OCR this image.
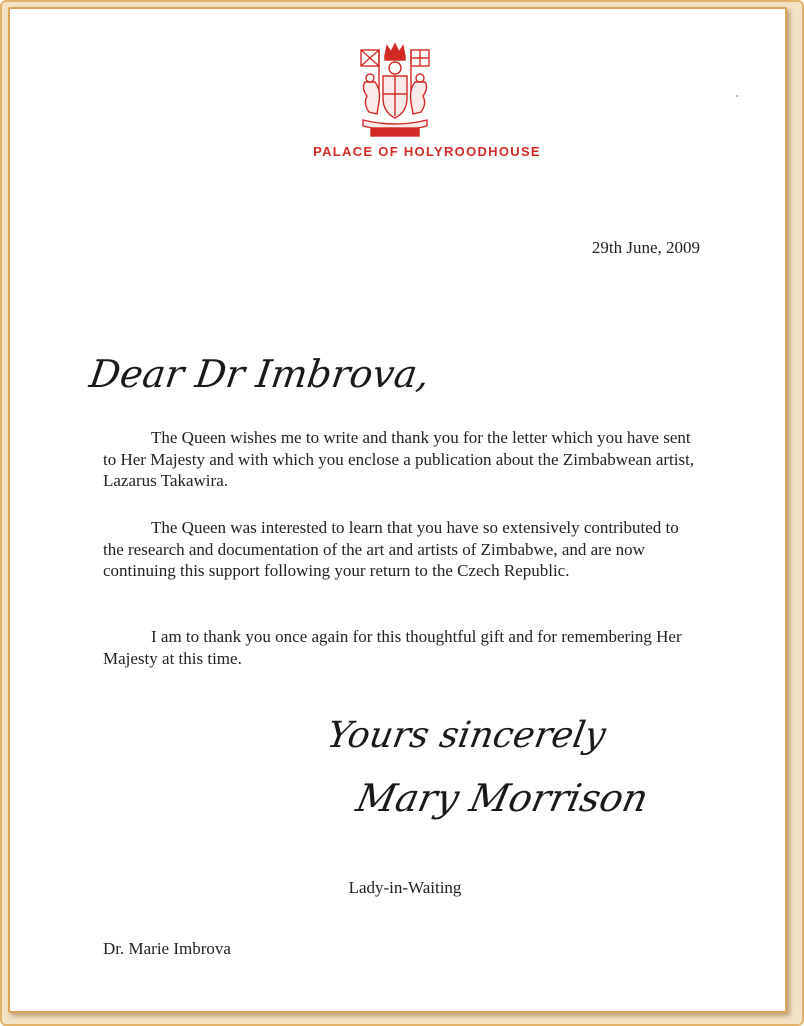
PALACE OF HOLYROODHOUSE
29th June, 2009
Dear Dr Imbrova,

The Queen wishes me to write and thank you for the letter which you have sent to Her Majesty and with which you enclose a publication about the Zimbabwean artist, Lazarus Takawira.

The Queen was interested to learn that you have so extensively contributed to the research and documentation of the art and artists of Zimbabwe, and are now continuing this support following your return to the Czech Republic.

I am to thank you once again for this thoughtful gift and for remembering Her Majesty at this time.

Yours sincerely
Mary Morrison
Lady-in-Waiting
Dr. Marie Imbrova
